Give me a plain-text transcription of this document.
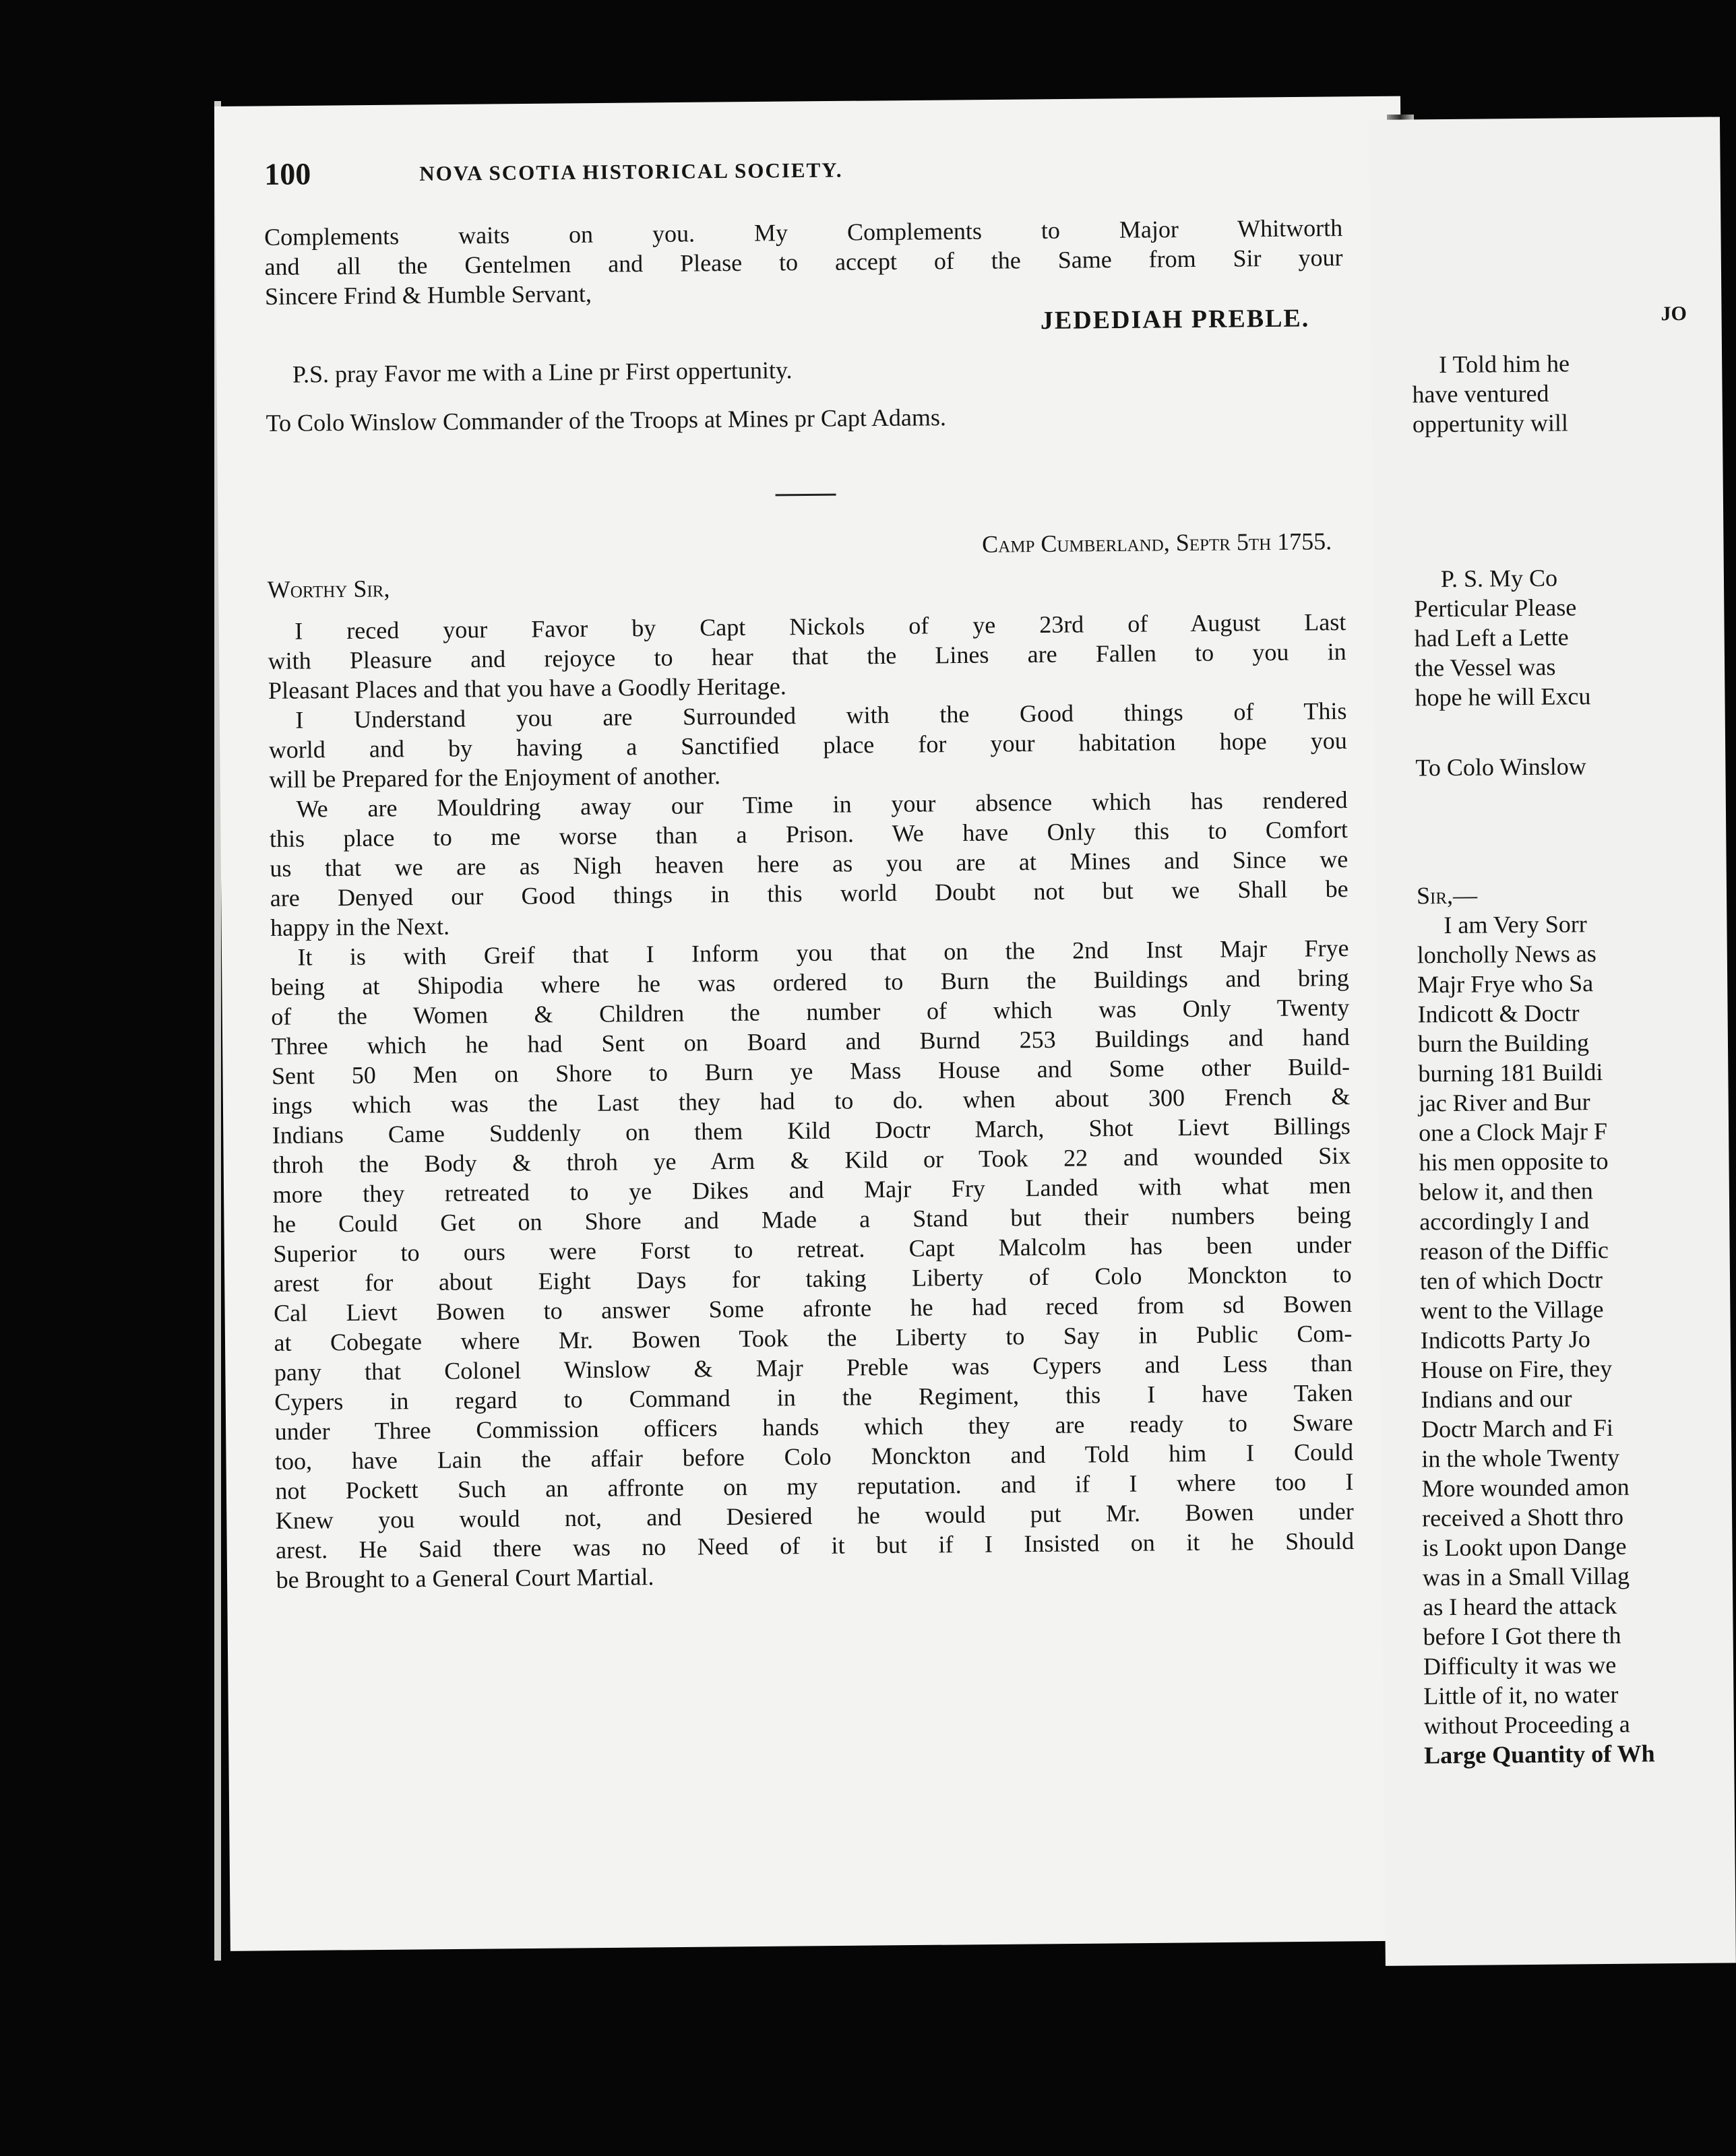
JO
I Told him he
have ventured
oppertunity will
P. S. My Co
Perticular Please
had Left a Lette
the Vessel was
hope he will Excu
To Colo Winslow
Sir,—
I am Very Sorr
loncholly News as
Majr Frye who Sa
Indicott & Doctr
burn the Building
burning 181 Buildi
jac River and Bur
one a Clock Majr F
his men opposite to
below it, and then
accordingly I and
reason of the Diffic
ten of which Doctr
went to the Village
Indicotts Party Jo
House on Fire, they
Indians and our
Doctr March and Fi
in the whole Twenty
More wounded amon
received a Shott thro
is Lookt upon Dange
was in a Small Villag
as I heard the attack
before I Got there th
Difficulty it was we
Little of it, no water
without Proceeding a
Large Quantity of Wh
100	NOVA SCOTIA HISTORICAL SOCIETY.
Complements waits on you. My Complements to Major Whitworth
and all the Gentelmen and Please to accept of the Same from Sir your
Sincere Frind & Humble Servant,
JEDEDIAH PREBLE.
P.S. pray Favor me with a Line pr First oppertunity.
To Colo Winslow Commander of the Troops at Mines pr Capt Adams.
Camp Cumberland, Septr 5th 1755.
Worthy Sir,
I reced your Favor by Capt Nickols of ye 23rd of August Last
with Pleasure and rejoyce to hear that the Lines are Fallen to you in
Pleasant Places and that you have a Goodly Heritage.
I Understand you are Surrounded with the Good things of This
world and by having a Sanctified place for your habitation hope you
will be Prepared for the Enjoyment of another.
We are Mouldring away our Time in your absence which has rendered
this place to me worse than a Prison. We have Only this to Comfort
us that we are as Nigh heaven here as you are at Mines and Since we
are Denyed our Good things in this world Doubt not but we Shall be
happy in the Next.
It is with Greif that I Inform you that on the 2nd Inst Majr Frye
being at Shipodia where he was ordered to Burn the Buildings and bring
of the Women & Children the number of which was Only Twenty
Three which he had Sent on Board and Burnd 253 Buildings and hand
Sent 50 Men on Shore to Burn ye Mass House and Some other Build-
ings which was the Last they had to do. when about 300 French &
Indians Came Suddenly on them Kild Doctr March, Shot Lievt Billings
throh the Body & throh ye Arm & Kild or Took 22 and wounded Six
more they retreated to ye Dikes and Majr Fry Landed with what men
he Could Get on Shore and Made a Stand but their numbers being
Superior to ours were Forst to retreat. Capt Malcolm has been under
arest for about Eight Days for taking Liberty of Colo Monckton to
Cal Lievt Bowen to answer Some afronte he had reced from sd Bowen
at Cobegate where Mr. Bowen Took the Liberty to Say in Public Com-
pany that Colonel Winslow & Majr Preble was Cypers and Less than
Cypers in regard to Command in the Regiment, this I have Taken
under Three Commission officers hands which they are ready to Sware
too, have Lain the affair before Colo Monckton and Told him I Could
not Pockett Such an affronte on my reputation. and if I where too I
Knew you would not, and Desiered he would put Mr. Bowen under
arest. He Said there was no Need of it but if I Insisted on it he Should
be Brought to a General Court Martial.
